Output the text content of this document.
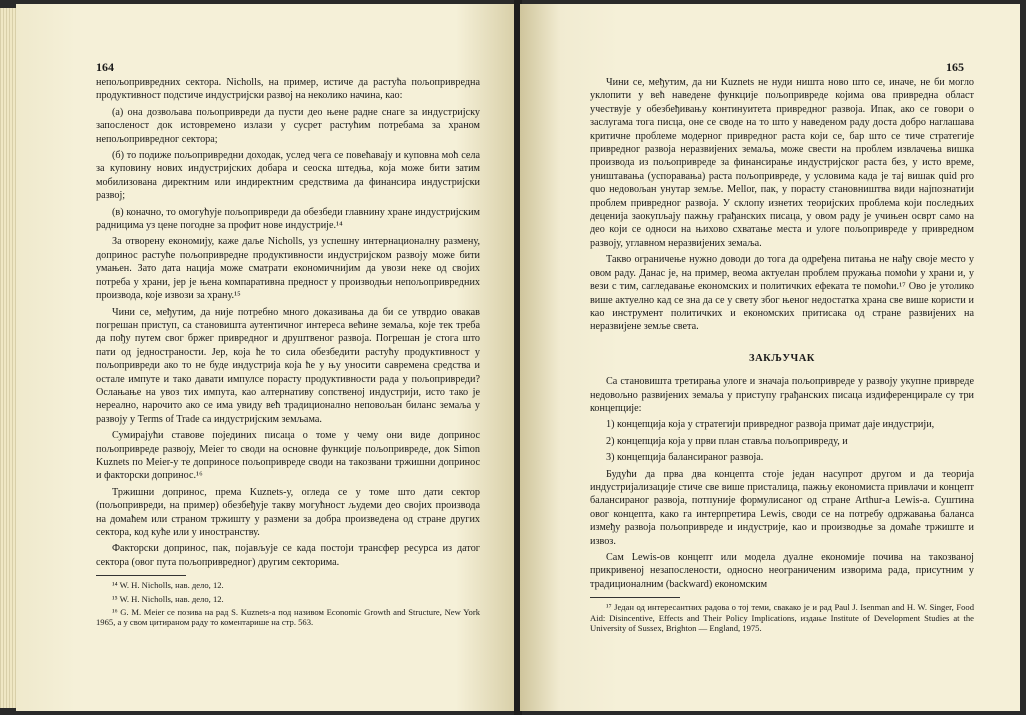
164

непољопривредних сектора. Nicholls, на пример, истиче да растућа пољопривредна продуктивност подстиче индустријски развој на неколико начина, као:

(а) она дозвољава пољопривреди да пусти део њене радне снаге за индустријску запосленост док истовремено излази у сусрет растућим потребама за храном непољопривредног сектора;

(б) то подиже пољопривредни доходак, услед чега се повећавају и куповна моћ села за куповину нових индустријских добара и сеоска штедња, која може бити затим мобилизована директним или индиректним средствима да финансира индустријски развој;

(в) коначно, то омогућује пољопривреди да обезбеди главнину хране индустријским радницима уз цене погодне за профит нове индустрије.¹⁴

За отворену економију, каже даље Nicholls, уз успешну интернационалну размену, допринос растуће пољопривредне продуктивности индустријском развоју може бити умањен. Зато дата нација може сматрати економичнијим да увози неке од својих потреба у храни, јер је њена компаративна предност у производњи непољопривредних производа, које извози за храну.¹⁵

Чини се, међутим, да није потребно много доказивања да би се утврдио овакав погрешан приступ, са становишта аутентичног интереса већине земаља, које тек треба да пођу путем свог бржег привредног и друштвеног развоја. Погрешан је стога што пати од једностраности. Јер, која ће то сила обезбедити растућу продуктивност у пољопривреди ако то не буде индустрија која ће у њу уносити савремена средства и остале импуте и тако давати импулсе порасту продуктивности рада у пољопривреди? Ослањање на увоз тих импута, као алтернативу сопственој индустрији, исто тако је нереално, нарочито ако се има увиду већ традиционално неповољан биланс земаља у развоју у Terms of Trade са индустријским земљама.

Сумирајући ставове појединих писаца о томе у чему они виде допринос пољопривреде развоју, Meier то своди на основне функције пољопривреде, док Simon Kuznets по Meier-у те доприносе пољопривреде своди на такозвани тржишни допринос и факторски допринос.¹⁶

Тржишни допринос, према Kuznets-у, огледа се у томе што дати сектор (пољопривреди, на пример) обезбеђује такву могућност људеми део својих производа на домаћем или страном тржишту у размени за добра произведена од стране других сектора, код куће или у иностранству.

Факторски допринос, пак, појављује се када постоји трансфер ресурса из датог сектора (овог пута пољопривредног) другим секторима.

¹⁴ W. H. Nicholls, нав. дело, 12.

¹⁵ W. H. Nicholls, нав. дело, 12.

¹⁶ G. M. Meier се позива на рад S. Kuznets-а под називом Economic Growth and Structure, New York 1965, а у свом цитираном раду то коментарише на стр. 563.

165

Чини се, међутим, да ни Kuznets не нуди ништа ново што се, иначе, не би могло уклопити у већ наведене функције пољопривреде којима ова привредна област учествује у обезбеђивању континуитета привредног развоја. Ипак, ако се говори о заслугама тога писца, оне се своде на то што у наведеном раду доста добро наглашава критичне проблеме модерног привредног раста који се, бар што се тиче стратегије привредног развоја неразвијених земаља, може свести на проблем извлачења вишка производа из пољопривреде за финансирање индустријског раста без, у исто време, уништавања (успоравања) раста пољопривреде, у условима када је тај вишак quid pro quo недовољан унутар земље. Mellor, пак, у порасту становништва види најпознатији проблем привредног развоја. У склопу изнетих теоријских проблема који последњих деценија заокупљају пажњу грађанских писаца, у овом раду је учињен осврт само на део који се односи на њихово схватање места и улоге пољопривреде у привредном развоју, углавном неразвијених земаља.

Такво ограничење нужно доводи до тога да одређена питања не нађу своје место у овом раду. Данас је, на пример, веома актуелан проблем пружања помоћи у храни и, у вези с тим, сагледавање економских и политичких ефеката те помоћи.¹⁷ Ово је утолико више актуелно кад се зна да се у свету због њеног недостатка храна све више користи и као инструмент политичких и економских притисака од стране развијених на неразвијене земље света.

ЗАКЉУЧАК

Са становишта третирања улоге и значаја пољопривреде у развоју укупне привреде недовољно развијених земаља у приступу грађанских писаца издиференцирале су три концепције:

1) концепција која у стратегији привредног развоја примат даје индустрији,

2) концепција која у први план ставља пољопривреду, и

3) концепција балансираног развоја.

Будући да прва два концепта стоје један насупрот другом и да теорија индустријализације стиче све више присталица, пажњу економиста привлачи и концепт балансираног развоја, потпуније формулисаног од стране Arthur-а Lewis-а. Суштина овог концепта, како га интерпретира Lewis, своди се на потребу одржавања баланса између развоја пољопривреде и индустрије, као и производње за домаће тржиште и извоз.

Сам Lewis-ов концепт или модела дуалне економије почива на такозваној прикривеној незапослености, односно неограниченим изворима рада, присутним у традиционалним (backward) економским

¹⁷ Један од интересантних радова о тој теми, свакако је и рад Paul J. Isenman and H. W. Singer, Food Aid: Disincentive, Effects and Their Policy Implications, издање Institute of Development Studies at the University of Sussex, Brighton — England, 1975.
